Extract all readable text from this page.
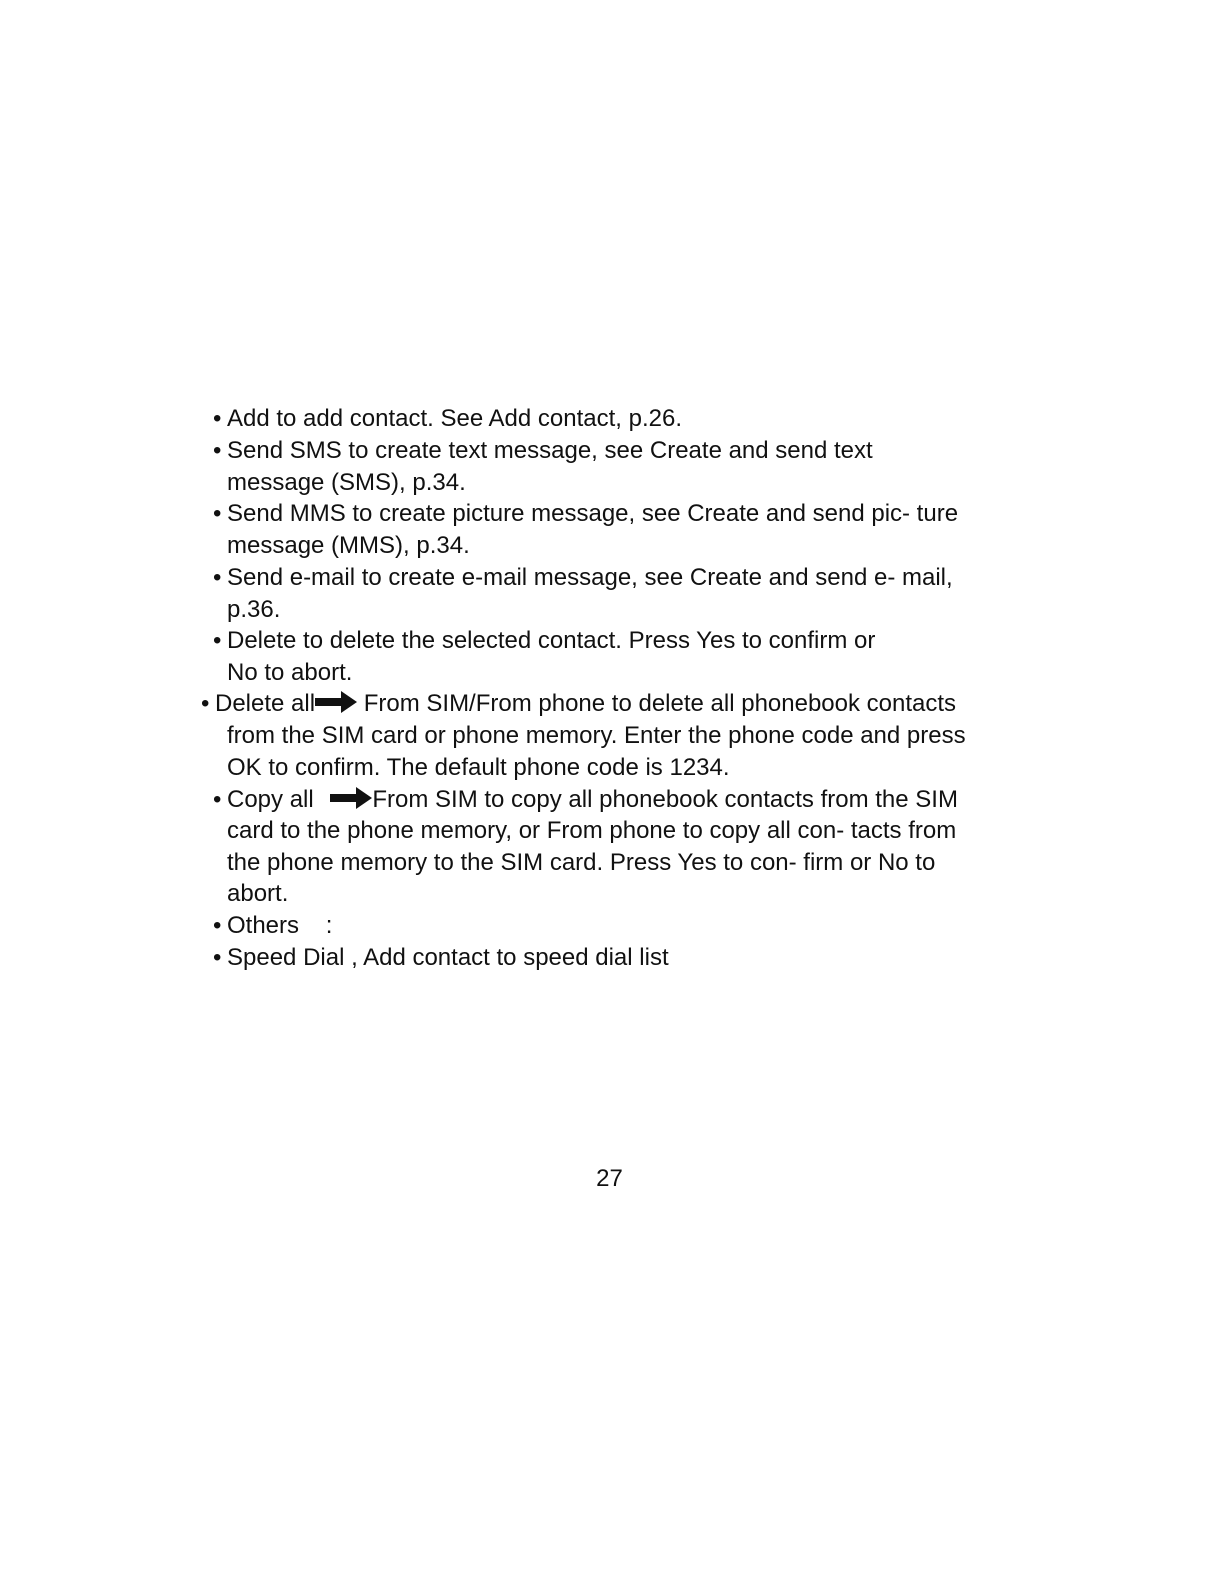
• Add to add contact. See Add contact, p.26.
• Send SMS to create text message, see Create and send text
message (SMS), p.34.
• Send MMS to create picture message, see Create and send pic- ture
message (MMS), p.34.
• Send e-mail to create e-mail message, see Create and send e- mail,
p.36.
• Delete to delete the selected contact. Press Yes to confirm or
No to abort.
• Delete all From SIM/From phone to delete all phonebook contacts
from the SIM card or phone memory. Enter the phone code and press
OK to confirm. The default phone code is 1234.
• Copy all From SIM to copy all phonebook contacts from the SIM
card to the phone memory, or From phone to copy all con- tacts from
the phone memory to the SIM card. Press Yes to con- firm or No to
abort.
• Others    :
• Speed Dial , Add contact to speed dial list
27
